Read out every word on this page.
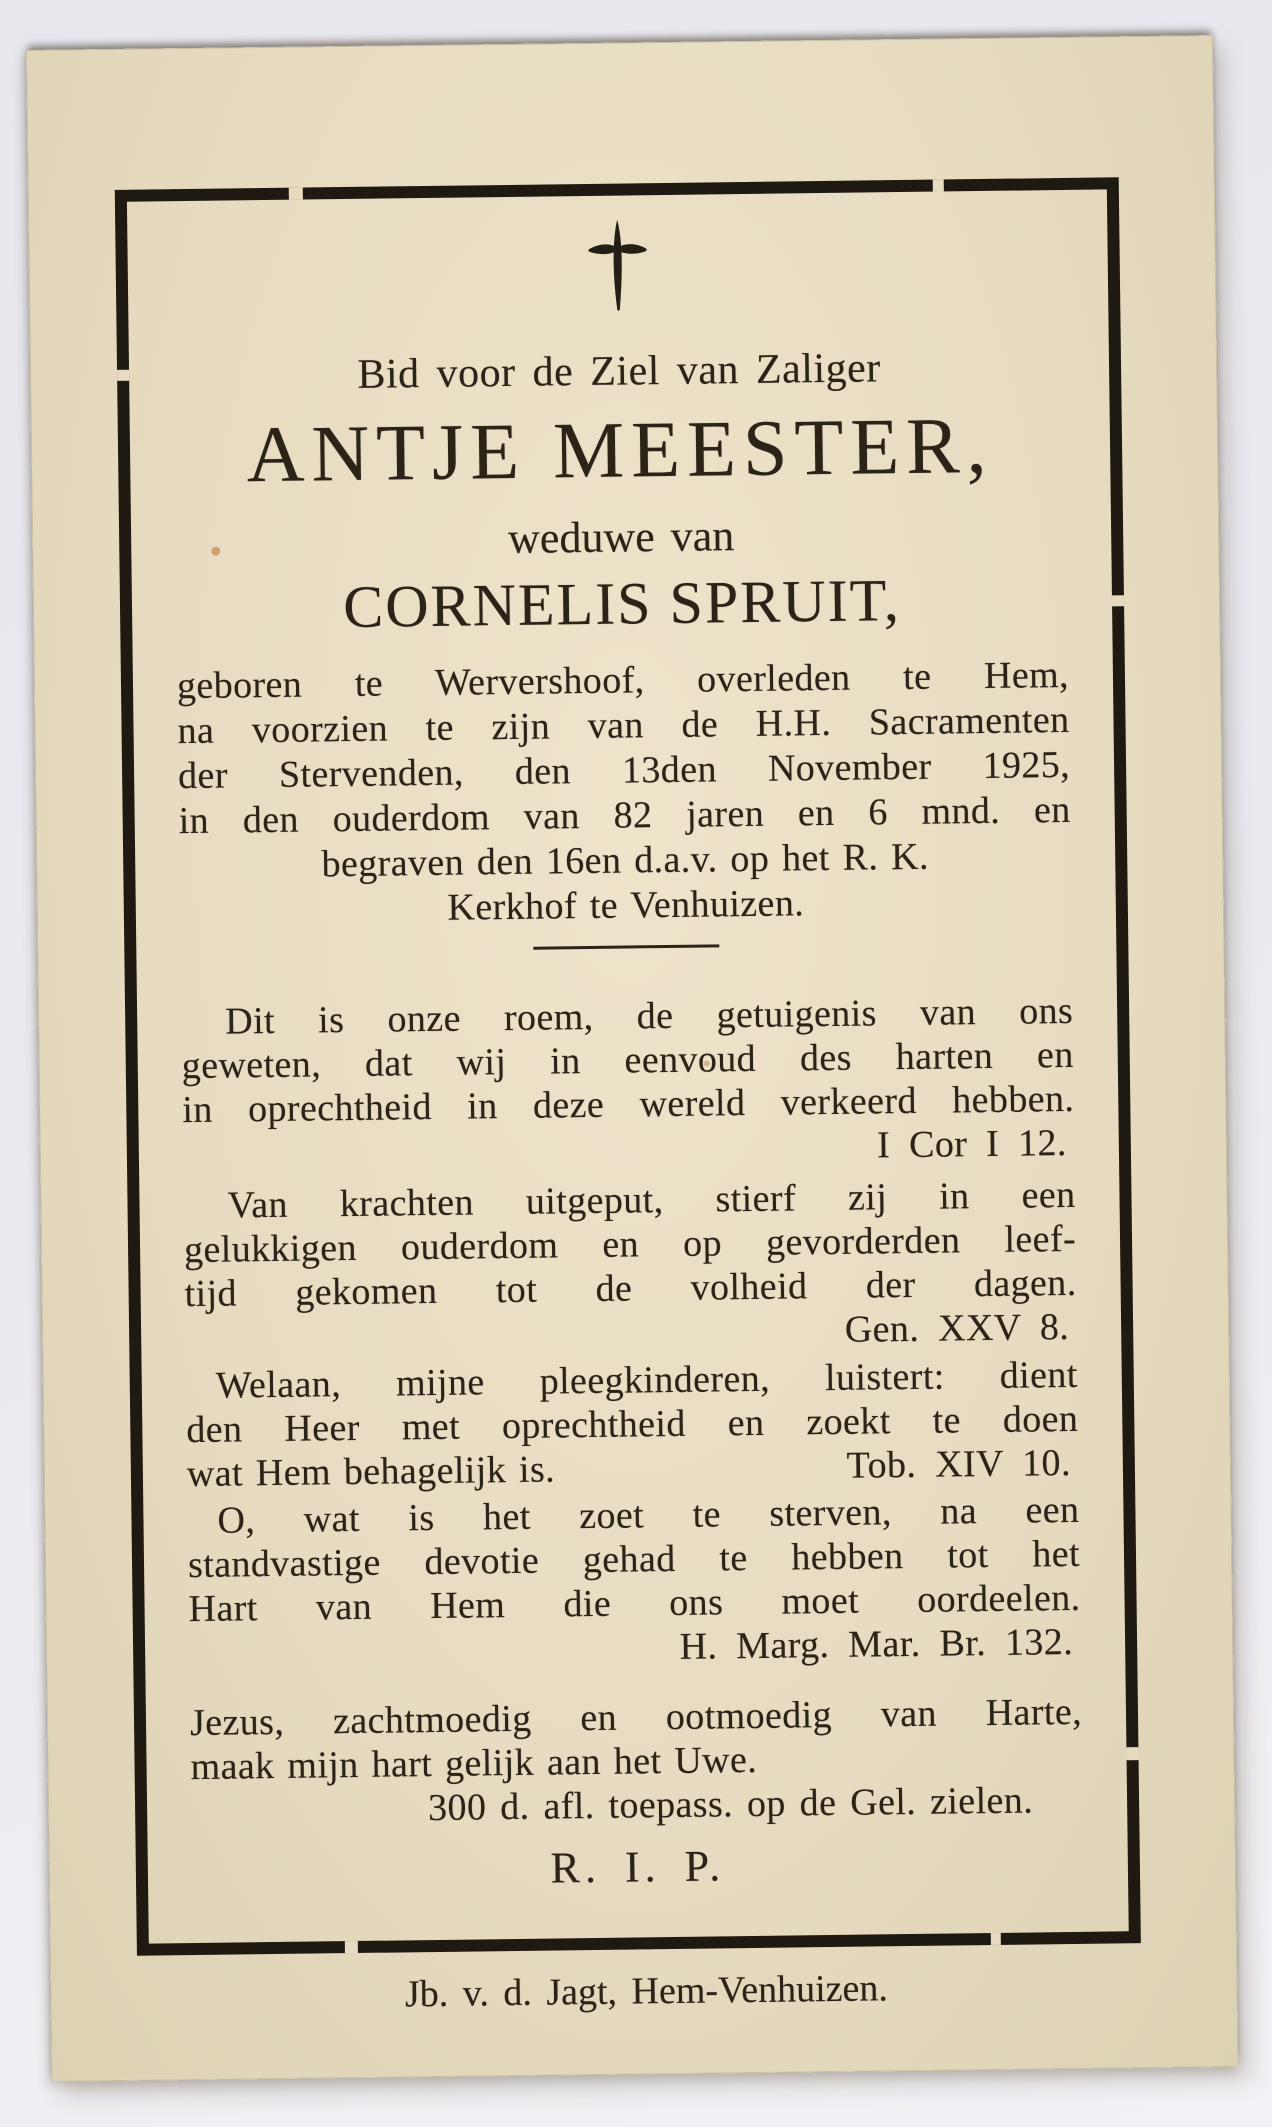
Bid voor de Ziel van Zaliger
ANTJE MEESTER,
weduwe van
CORNELIS SPRUIT,
geboren te Wervershoof, overleden te Hem,
na voorzien te zijn van de H.H. Sacramenten
der Stervenden, den 13den November 1925,
in den ouderdom van 82 jaren en 6 mnd. en
begraven den 16en d.a.v. op het R. K.
Kerkhof te Venhuizen.
Dit is onze roem, de getuigenis van ons
geweten, dat wij in eenvoud des harten en
in oprechtheid in deze wereld verkeerd hebben.
I Cor I 12.
Van krachten uitgeput, stierf zij in een
gelukkigen ouderdom en op gevorderden leef-
tijd gekomen tot de volheid der dagen.
Gen. XXV 8.
Welaan, mijne pleegkinderen, luistert: dient
den Heer met oprechtheid en zoekt te doen
wat Hem behagelijk is.	Tob. XIV 10.
O, wat is het zoet te sterven, na een
standvastige devotie gehad te hebben tot het
Hart van Hem die ons moet oordeelen.
H. Marg. Mar. Br. 132.
Jezus, zachtmoedig en ootmoedig van Harte,
maak mijn hart gelijk aan het Uwe.
300 d. afl. toepass. op de Gel. zielen.
R. I. P.
Jb. v. d. Jagt, Hem-Venhuizen.
